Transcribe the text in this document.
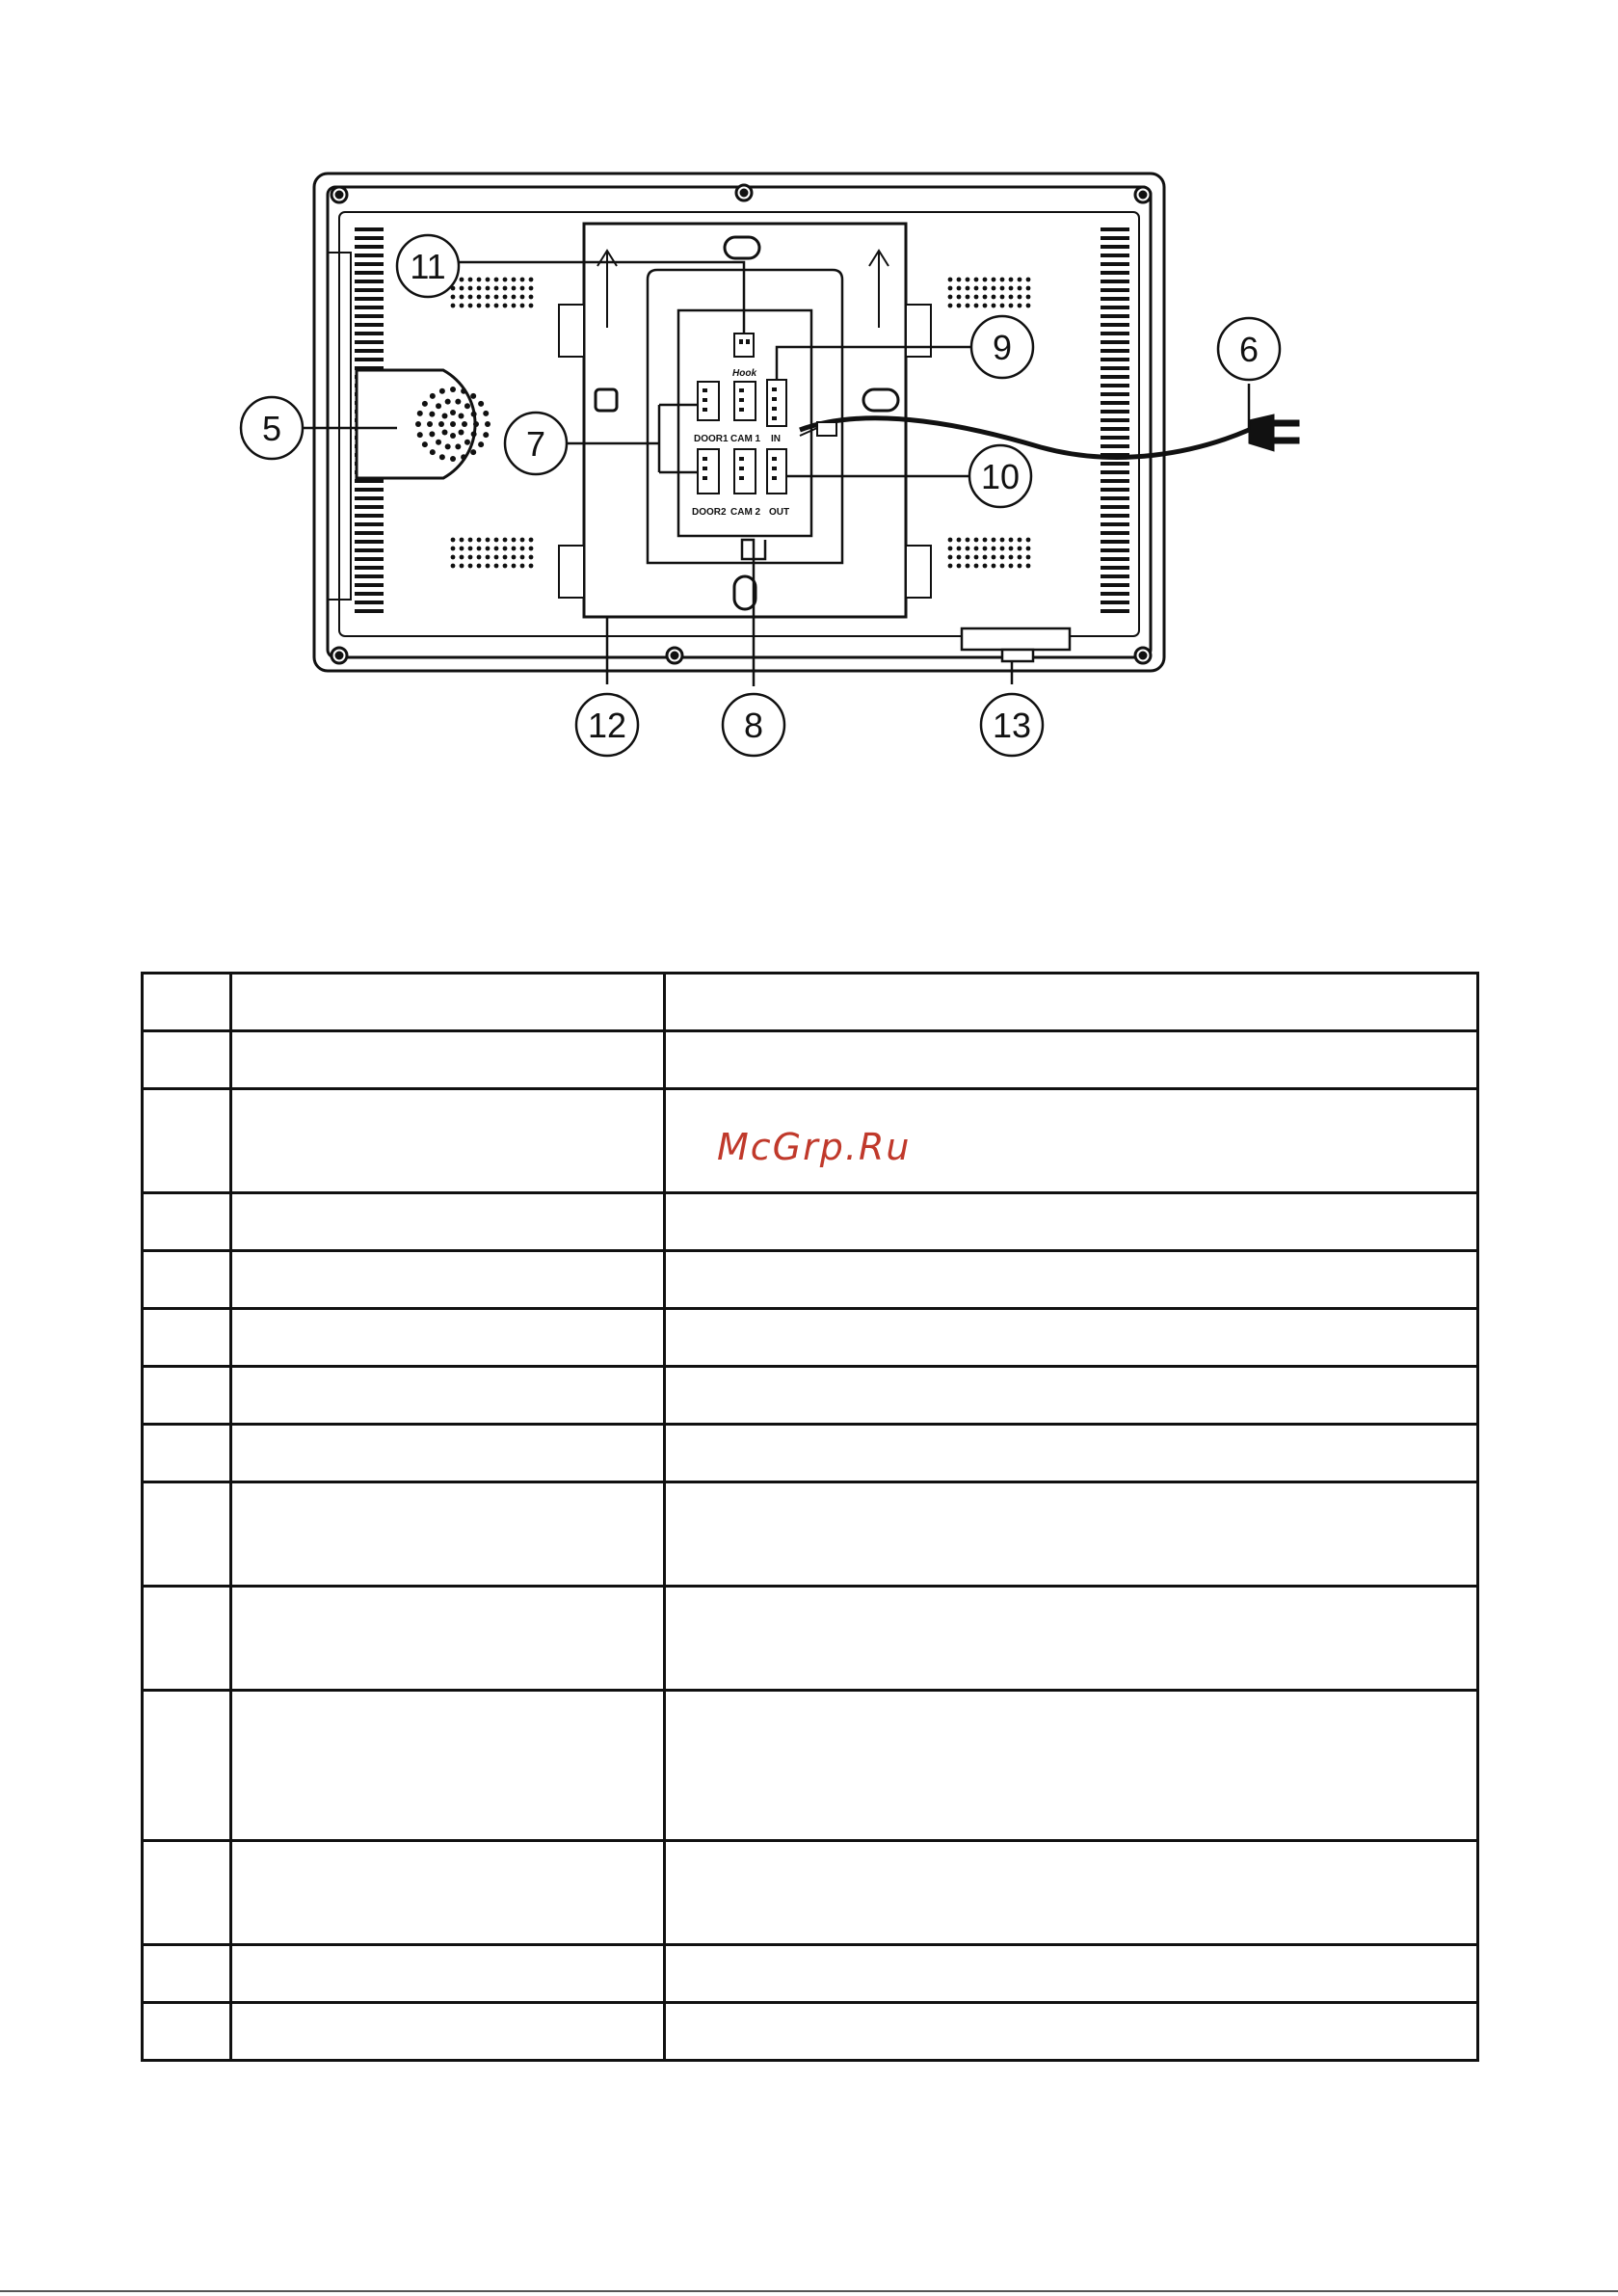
Hook
DOOR1 CAM 1 IN
DOOR2 CAM 2 OUT
5
6
7
8
9
10
11
12	13
McGrp.Ru
